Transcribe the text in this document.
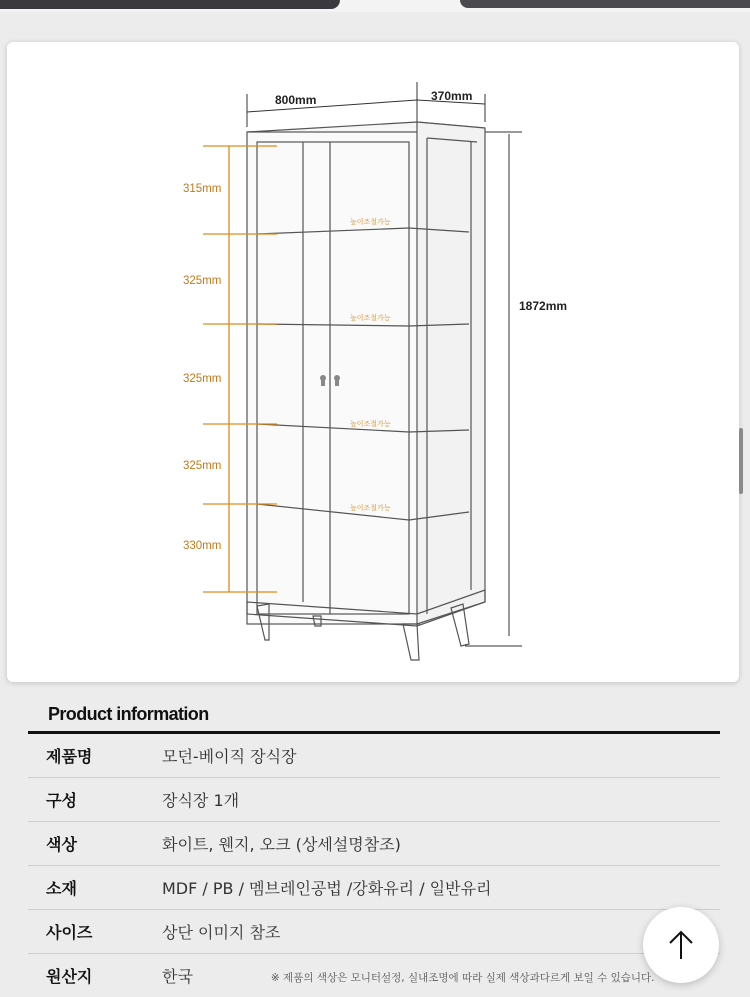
800mm	370mm
1872mm
315mm
325mm
325mm
325mm
330mm
높이조절가능
높이조절가능
높이조절가능
높이조절가능
Product information
제품명	모던-베이직 장식장
구성	장식장 1개
색상	화이트, 웬지, 오크 (상세설명참조)
소재	MDF / PB / 멤브레인공법 /강화유리 / 일반유리
사이즈	상단 이미지 참조
원산지	한국	※ 제품의 색상은 모니터설정, 실내조명에 따라 실제 색상과다르게 보일 수 있습니다.
